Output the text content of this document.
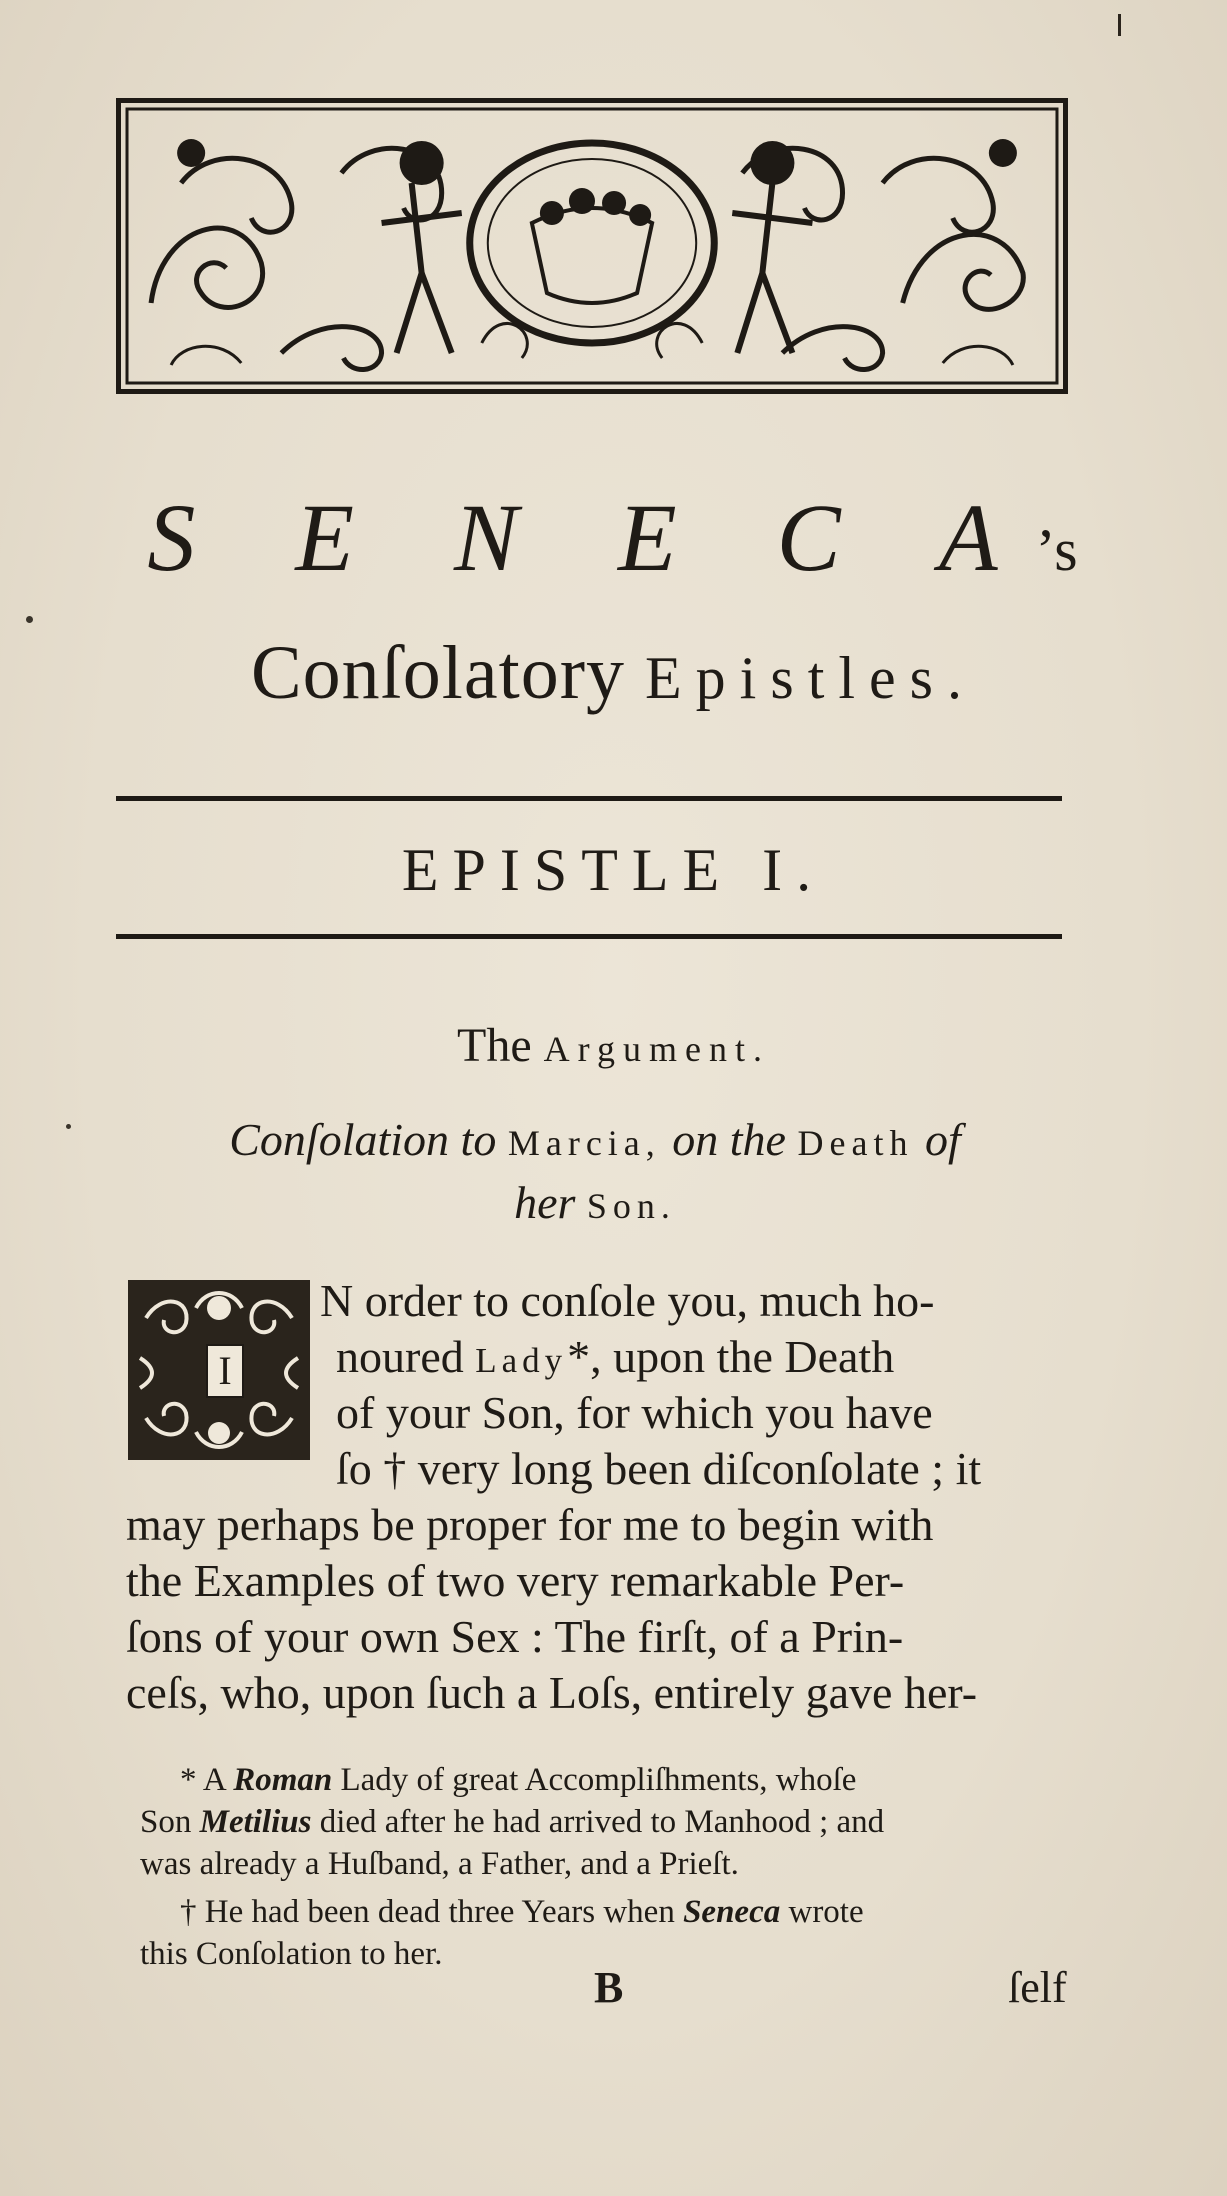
S E N E C A’s
Conſolatory Epistles.
EPISTLE I.
The Argument.
Conſolation to Marcia, on the Death of
her Son.
I
N order to conſole you, much ho-
noured Lady*, upon the Death
of your Son, for which you have
ſo † very long been diſconſolate ; it
may perhaps be proper for me to begin with
the Examples of two very remarkable Per-
ſons of your own Sex : The firſt, of a Prin-
ceſs, who, upon ſuch a Loſs, entirely gave her-
* A Roman Lady of great Accompliſhments, whoſe
Son Metilius died after he had arrived to Manhood ; and
was already a Huſband, a Father, and a Prieſt.
† He had been dead three Years when Seneca wrote
this Conſolation to her.
B	ſelf
